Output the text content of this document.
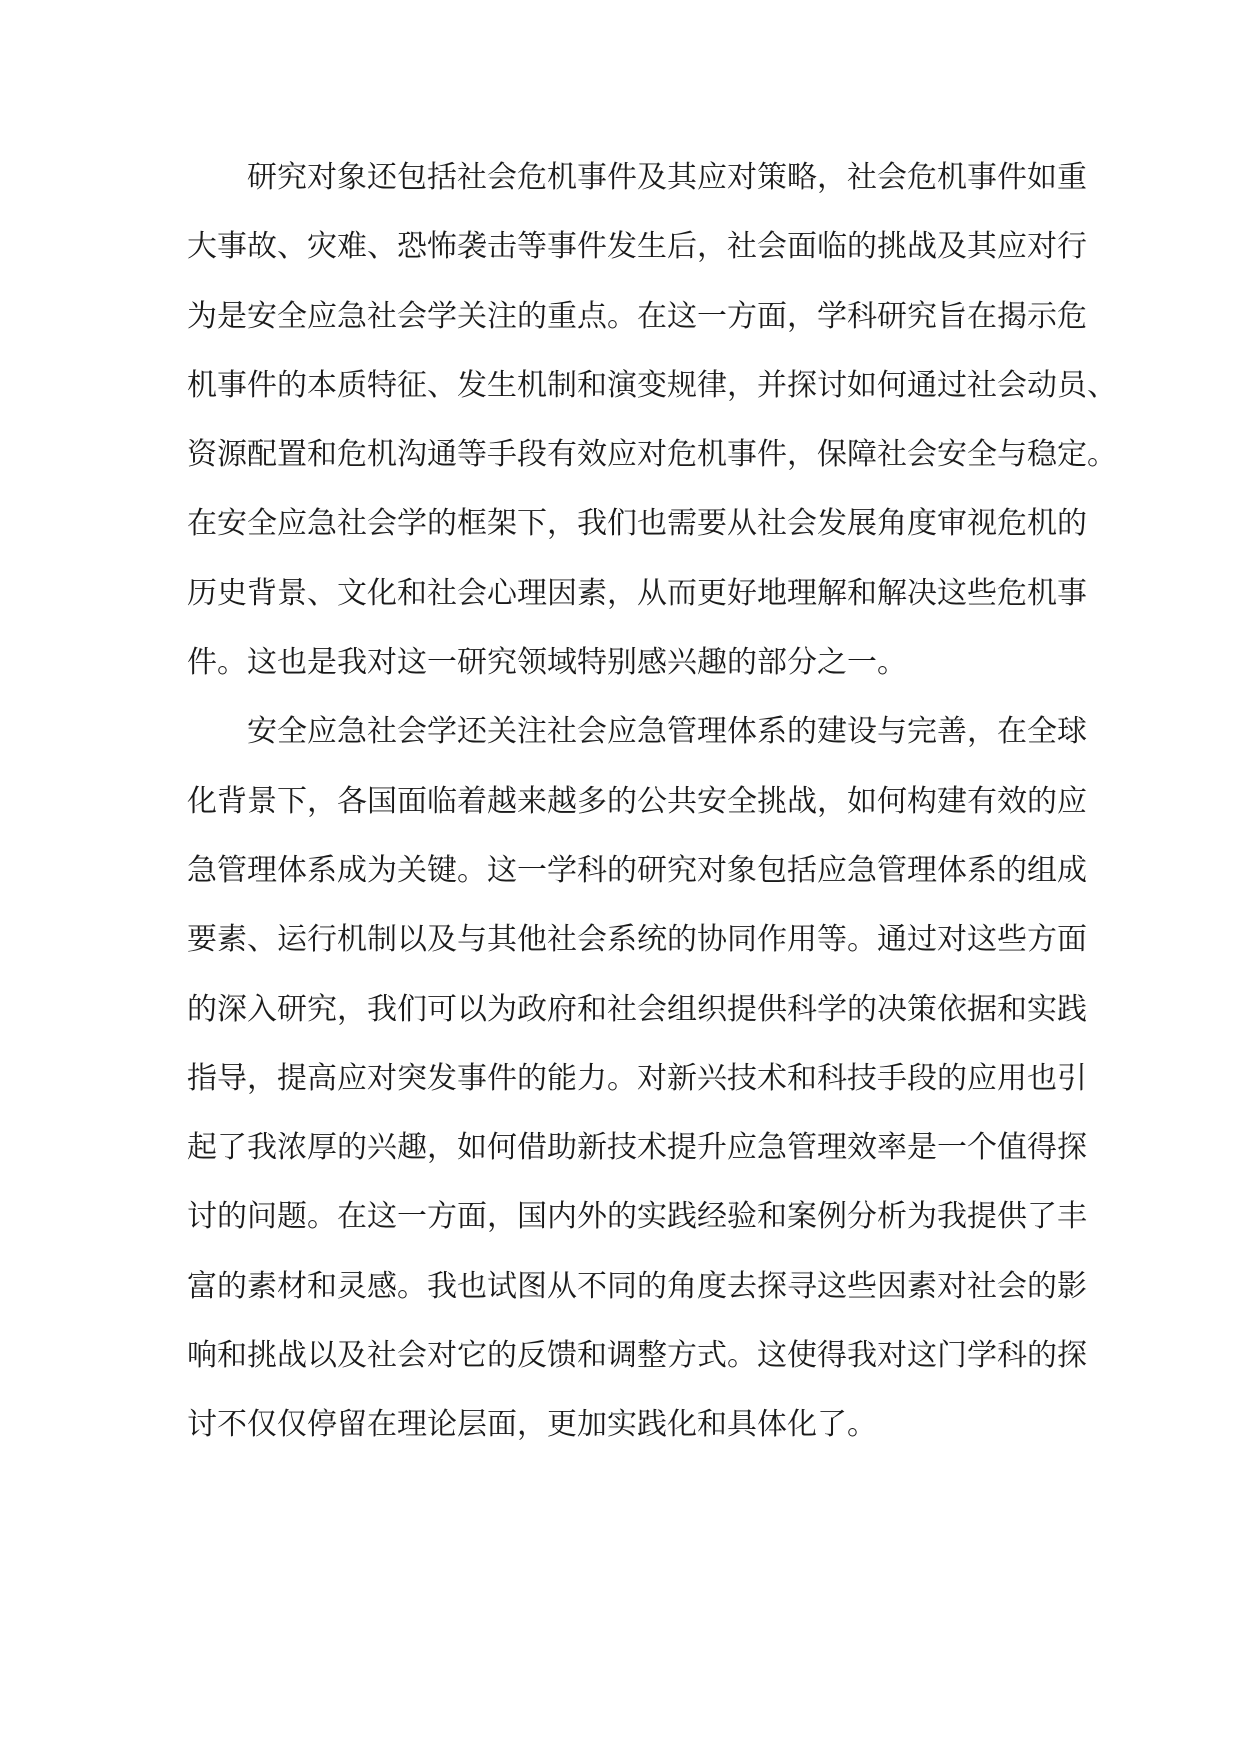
研究对象还包括社会危机事件及其应对策略，社会危机事件如重
大事故、灾难、恐怖袭击等事件发生后，社会面临的挑战及其应对行
为是安全应急社会学关注的重点。在这一方面，学科研究旨在揭示危
机事件的本质特征、发生机制和演变规律，并探讨如何通过社会动员、
资源配置和危机沟通等手段有效应对危机事件，保障社会安全与稳定。
在安全应急社会学的框架下，我们也需要从社会发展角度审视危机的
历史背景、文化和社会心理因素，从而更好地理解和解决这些危机事
件。这也是我对这一研究领域特别感兴趣的部分之一。
安全应急社会学还关注社会应急管理体系的建设与完善，在全球
化背景下，各国面临着越来越多的公共安全挑战，如何构建有效的应
急管理体系成为关键。这一学科的研究对象包括应急管理体系的组成
要素、运行机制以及与其他社会系统的协同作用等。通过对这些方面
的深入研究，我们可以为政府和社会组织提供科学的决策依据和实践
指导，提高应对突发事件的能力。对新兴技术和科技手段的应用也引
起了我浓厚的兴趣，如何借助新技术提升应急管理效率是一个值得探
讨的问题。在这一方面，国内外的实践经验和案例分析为我提供了丰
富的素材和灵感。我也试图从不同的角度去探寻这些因素对社会的影
响和挑战以及社会对它的反馈和调整方式。这使得我对这门学科的探
讨不仅仅停留在理论层面，更加实践化和具体化了。
